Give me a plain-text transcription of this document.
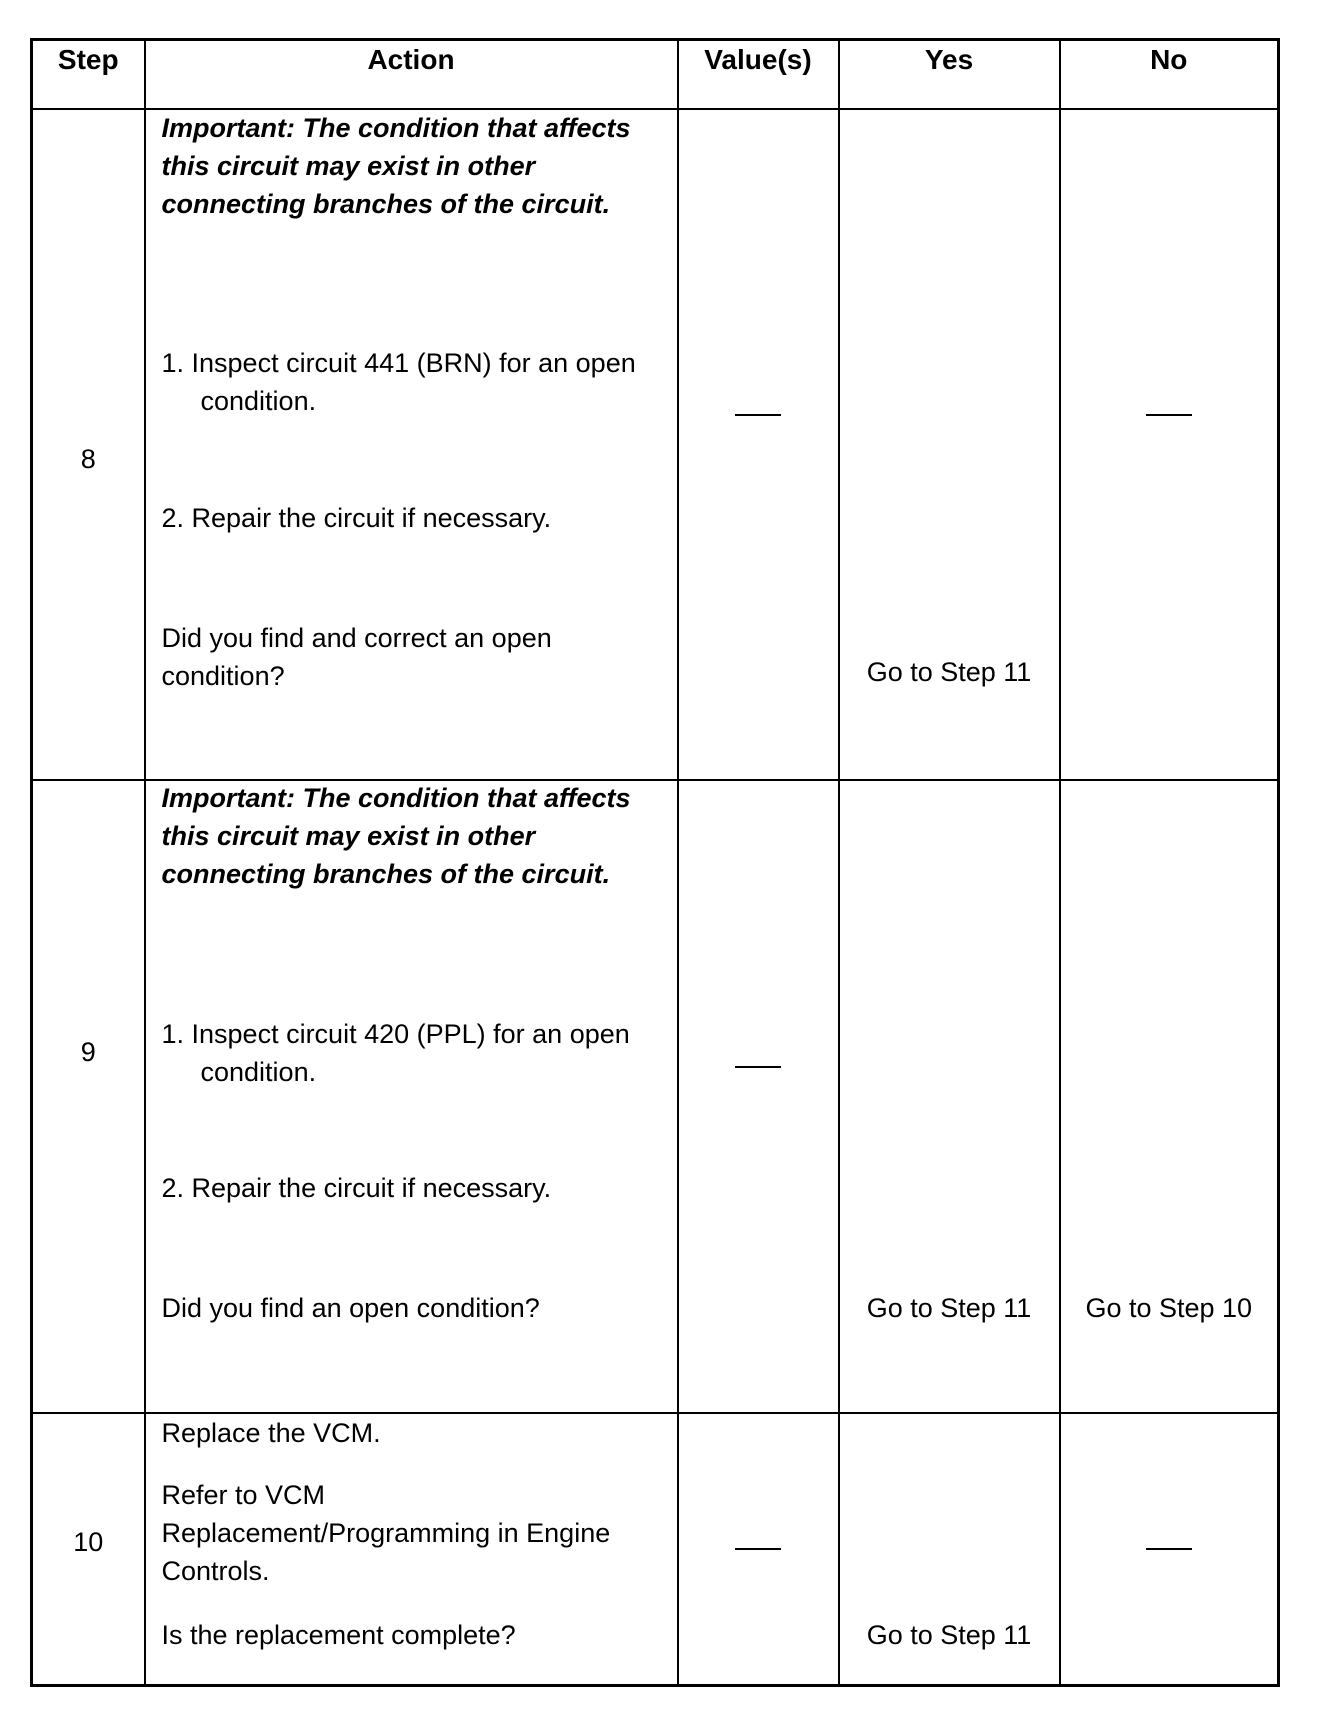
Step	Action	Value(s)	Yes	No

8	Important: The condition that affects this circuit may exist in other connecting branches of the circuit.
1. Inspect circuit 441 (BRN) for an open
condition.
2. Repair the circuit if necessary.
Did you find and correct an open condition?		Go to Step 11	

9	Important: The condition that affects this circuit may exist in other connecting branches of the circuit.
1. Inspect circuit 420 (PPL) for an open
condition.
2. Repair the circuit if necessary.
Did you find an open condition?		Go to Step 11	Go to Step 10

10	Replace the VCM.
Refer to VCM Replacement/Programming in Engine Controls.
Is the replacement complete?		Go to Step 11	
